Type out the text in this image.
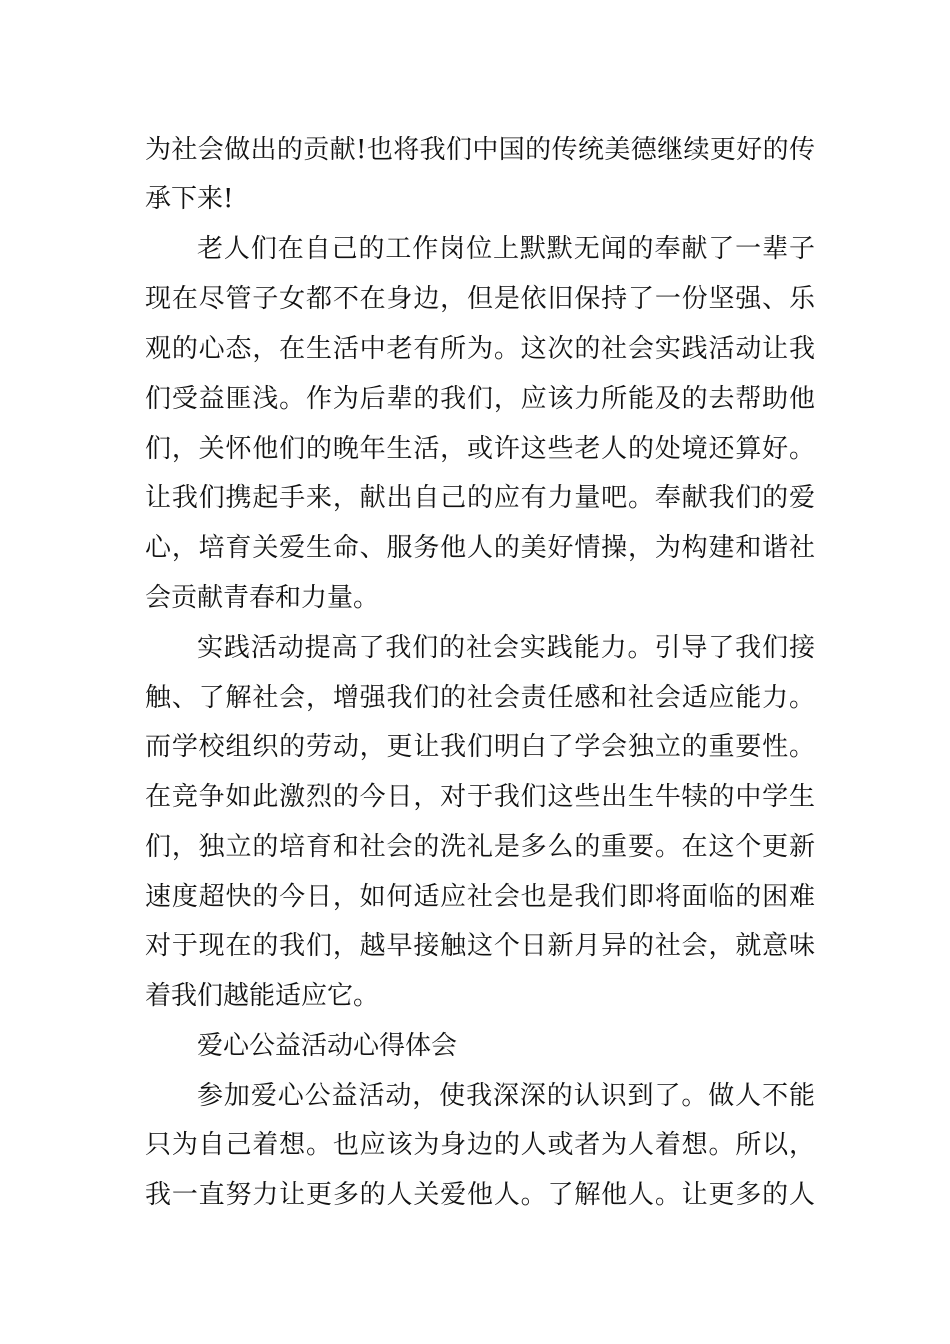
为社会做出的贡献!也将我们中国的传统美德继续更好的传
承下来!
老人们在自己的工作岗位上默默无闻的奉献了一辈子
现在尽管子女都不在身边，但是依旧保持了一份坚强、乐
观的心态，在生活中老有所为。这次的社会实践活动让我
们受益匪浅。作为后辈的我们，应该力所能及的去帮助他
们，关怀他们的晚年生活，或许这些老人的处境还算好。
让我们携起手来，献出自己的应有力量吧。奉献我们的爱
心，培育关爱生命、服务他人的美好情操，为构建和谐社
会贡献青春和力量。
实践活动提高了我们的社会实践能力。引导了我们接
触、了解社会，增强我们的社会责任感和社会适应能力。
而学校组织的劳动，更让我们明白了学会独立的重要性。
在竞争如此激烈的今日，对于我们这些出生牛犊的中学生
们，独立的培育和社会的洗礼是多么的重要。在这个更新
速度超快的今日，如何适应社会也是我们即将面临的困难
对于现在的我们，越早接触这个日新月异的社会，就意味
着我们越能适应它。
爱心公益活动心得体会
参加爱心公益活动，使我深深的认识到了。做人不能
只为自己着想。也应该为身边的人或者为人着想。所以，
我一直努力让更多的人关爱他人。了解他人。让更多的人
